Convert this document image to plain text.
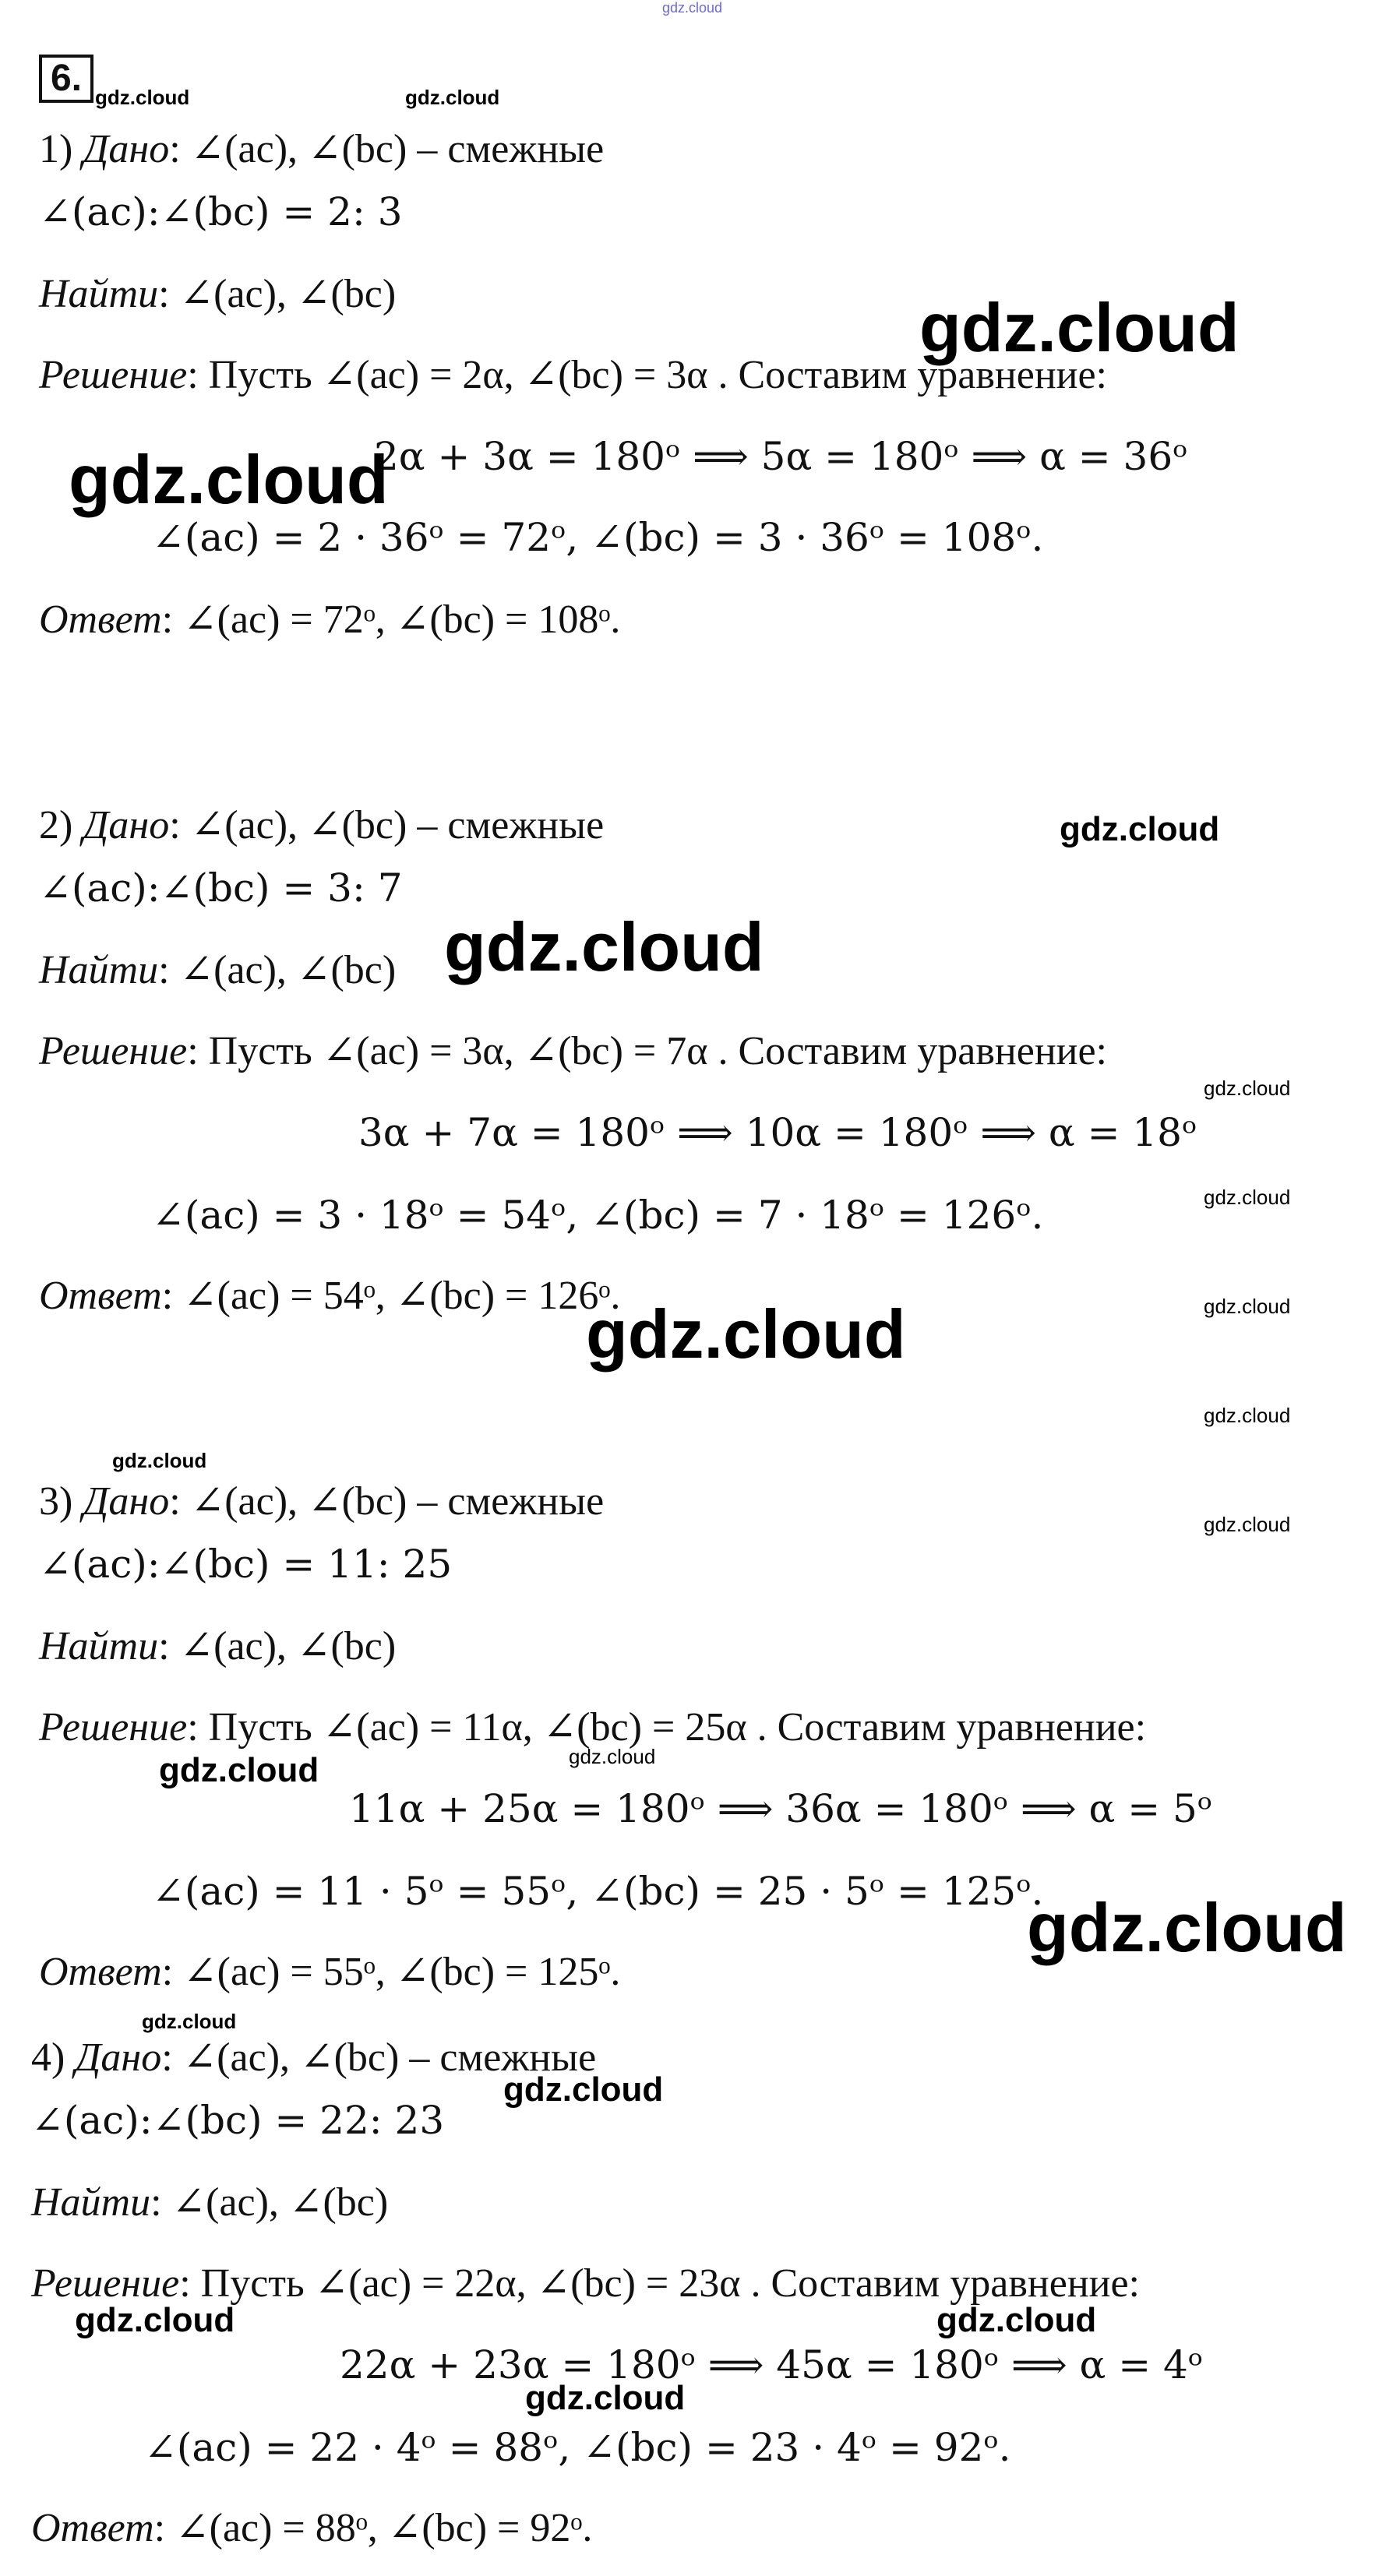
6.
1) Дано: ∠(ac), ∠(bc) – смежные
∠(ac):∠(bc) = 2: 3
Найти: ∠(ac), ∠(bc)
Решение: Пусть ∠(ac) = 2α, ∠(bc) = 3α . Составим уравнение:
2α + 3α = 180ᵒ ⟹ 5α = 180ᵒ ⟹ α = 36ᵒ
∠(ac) = 2 · 36ᵒ = 72ᵒ, ∠(bc) = 3 · 36ᵒ = 108ᵒ.
Ответ: ∠(ac) = 72ᵒ, ∠(bc) = 108ᵒ.
2) Дано: ∠(ac), ∠(bc) – смежные
∠(ac):∠(bc) = 3: 7
Найти: ∠(ac), ∠(bc)
Решение: Пусть ∠(ac) = 3α, ∠(bc) = 7α . Составим уравнение:
3α + 7α = 180ᵒ ⟹ 10α = 180ᵒ ⟹ α = 18ᵒ
∠(ac) = 3 · 18ᵒ = 54ᵒ, ∠(bc) = 7 · 18ᵒ = 126ᵒ.
Ответ: ∠(ac) = 54ᵒ, ∠(bc) = 126ᵒ.
3) Дано: ∠(ac), ∠(bc) – смежные
∠(ac):∠(bc) = 11: 25
Найти: ∠(ac), ∠(bc)
Решение: Пусть ∠(ac) = 11α, ∠(bc) = 25α . Составим уравнение:
11α + 25α = 180ᵒ ⟹ 36α = 180ᵒ ⟹ α = 5ᵒ
∠(ac) = 11 · 5ᵒ = 55ᵒ, ∠(bc) = 25 · 5ᵒ = 125ᵒ.
Ответ: ∠(ac) = 55ᵒ, ∠(bc) = 125ᵒ.
4) Дано: ∠(ac), ∠(bc) – смежные
∠(ac):∠(bc) = 22: 23
Найти: ∠(ac), ∠(bc)
Решение: Пусть ∠(ac) = 22α, ∠(bc) = 23α . Составим уравнение:
22α + 23α = 180ᵒ ⟹ 45α = 180ᵒ ⟹ α = 4ᵒ
∠(ac) = 22 · 4ᵒ = 88ᵒ, ∠(bc) = 23 · 4ᵒ = 92ᵒ.
Ответ: ∠(ac) = 88ᵒ, ∠(bc) = 92ᵒ.
gdz.cloud
gdz.cloud	gdz.cloud
gdz.cloud
gdz.cloud
gdz.cloud
gdz.cloud
gdz.cloud
gdz.cloud
gdz.cloud	gdz.cloud
gdz.cloud
gdz.cloud
gdz.cloud
gdz.cloud
gdz.cloud
gdz.cloud
gdz.cloud
gdz.cloud
gdz.cloud	gdz.cloud
gdz.cloud
